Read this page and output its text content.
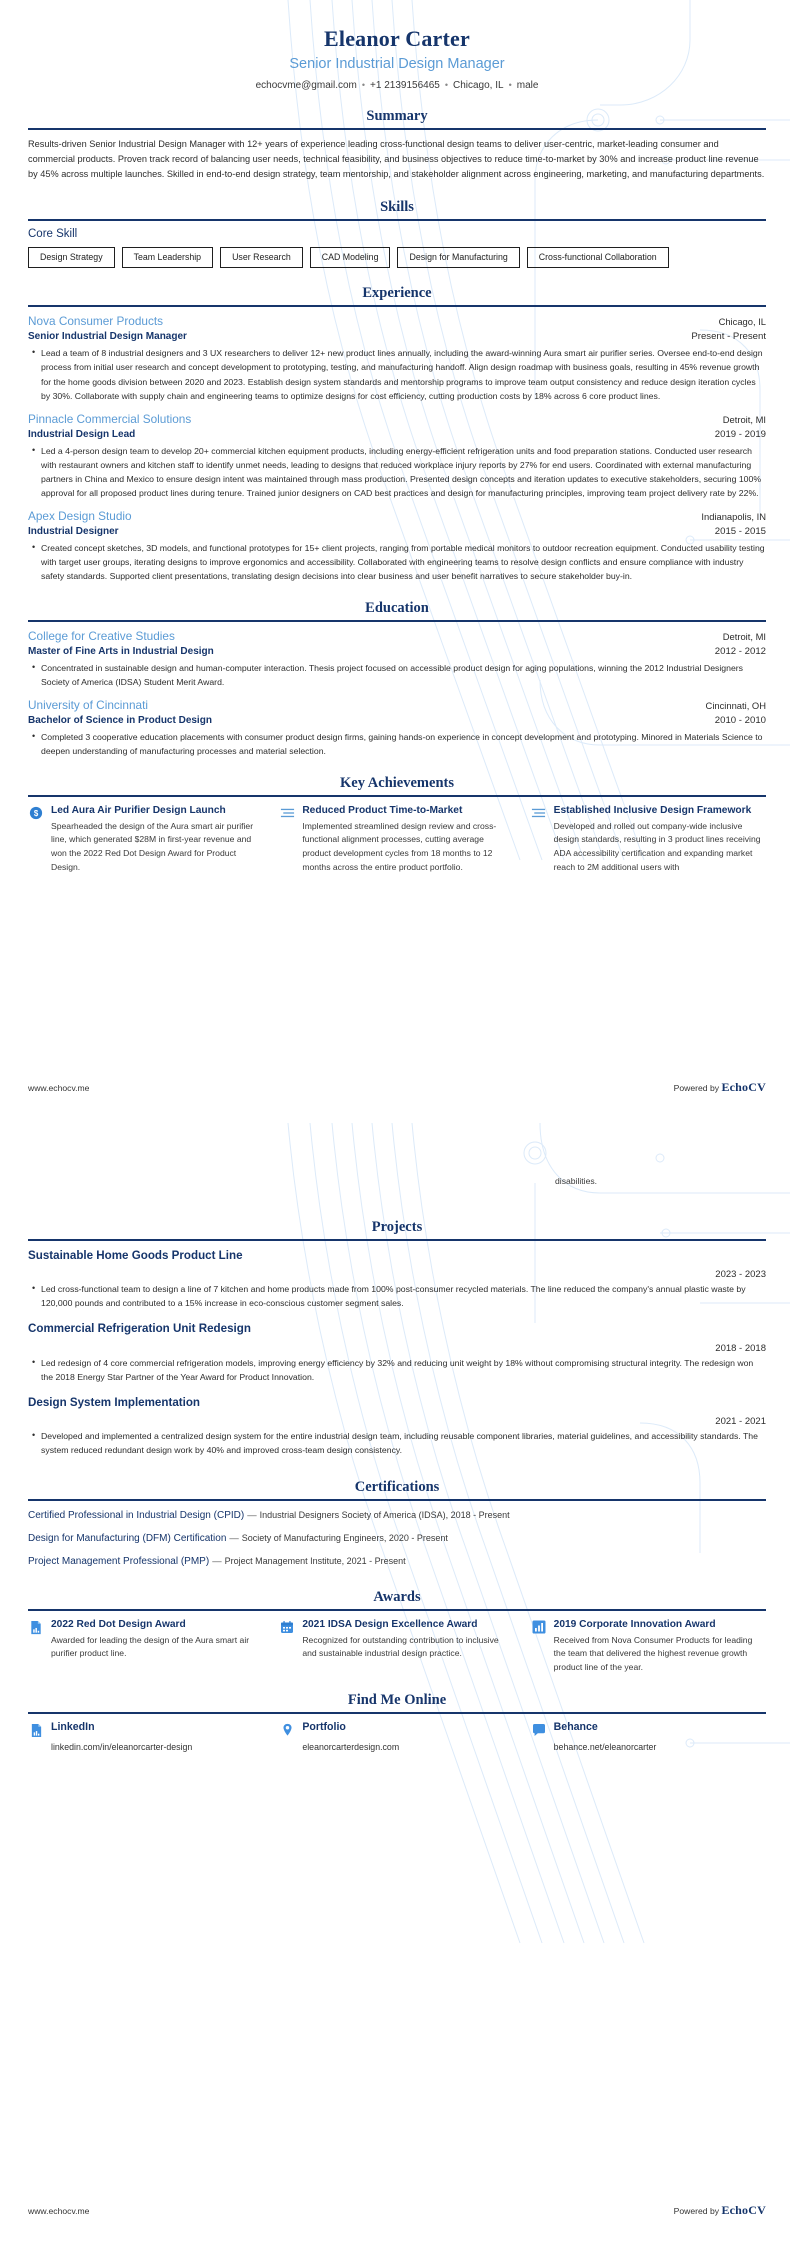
Eleanor Carter
Senior Industrial Design Manager
echocvme@gmail.com • +1 2139156465 • Chicago, IL • male
Summary
Results-driven Senior Industrial Design Manager with 12+ years of experience leading cross-functional design teams to deliver user-centric, market-leading consumer and commercial products. Proven track record of balancing user needs, technical feasibility, and business objectives to reduce time-to-market by 30% and increase product line revenue by 45% across multiple launches. Skilled in end-to-end design strategy, team mentorship, and stakeholder alignment across engineering, marketing, and manufacturing departments.
Skills
Core Skill
Design Strategy	Team Leadership	User Research	CAD Modeling	Design for Manufacturing	Cross-functional Collaboration
Experience
Nova Consumer Products	Chicago, IL
Senior Industrial Design Manager	Present - Present
• Lead a team of 8 industrial designers and 3 UX researchers to deliver 12+ new product lines annually, including the award-winning Aura smart air purifier series. Oversee end-to-end design process from initial user research and concept development to prototyping, testing, and manufacturing handoff. Align design roadmap with business goals, resulting in 45% revenue growth for the home goods division between 2020 and 2023. Establish design system standards and mentorship programs to improve team output consistency and reduce design iteration cycles by 30%. Collaborate with supply chain and engineering teams to optimize designs for cost efficiency, cutting production costs by 18% across 6 core product lines.
Pinnacle Commercial Solutions	Detroit, MI
Industrial Design Lead	2019 - 2019
• Led a 4-person design team to develop 20+ commercial kitchen equipment products, including energy-efficient refrigeration units and food preparation stations. Conducted user research with restaurant owners and kitchen staff to identify unmet needs, leading to designs that reduced workplace injury reports by 27% for end users. Coordinated with external manufacturing partners in China and Mexico to ensure design intent was maintained through mass production. Presented design concepts and iteration updates to executive stakeholders, securing 100% approval for all proposed product lines during tenure. Trained junior designers on CAD best practices and design for manufacturing principles, improving team project delivery rate by 22%.
Apex Design Studio	Indianapolis, IN
Industrial Designer	2015 - 2015
• Created concept sketches, 3D models, and functional prototypes for 15+ client projects, ranging from portable medical monitors to outdoor recreation equipment. Conducted usability testing with target user groups, iterating designs to improve ergonomics and accessibility. Collaborated with engineering teams to resolve design conflicts and ensure compliance with industry safety standards. Supported client presentations, translating design decisions into clear business and user benefit narratives to secure stakeholder buy-in.
Education
College for Creative Studies	Detroit, MI
Master of Fine Arts in Industrial Design	2012 - 2012
• Concentrated in sustainable design and human-computer interaction. Thesis project focused on accessible product design for aging populations, winning the 2012 Industrial Designers Society of America (IDSA) Student Merit Award.
University of Cincinnati	Cincinnati, OH
Bachelor of Science in Product Design	2010 - 2010
• Completed 3 cooperative education placements with consumer product design firms, gaining hands-on experience in concept development and prototyping. Minored in Materials Science to deepen understanding of manufacturing processes and material selection.
Key Achievements
$ Led Aura Air Purifier Design Launch
Spearheaded the design of the Aura smart air purifier line, which generated $28M in first-year revenue and won the 2022 Red Dot Design Award for Product Design.
Reduced Product Time-to-Market
Implemented streamlined design review and cross-functional alignment processes, cutting average product development cycles from 18 months to 12 months across the entire product portfolio.
Established Inclusive Design Framework
Developed and rolled out company-wide inclusive design standards, resulting in 3 product lines receiving ADA accessibility certification and expanding market reach to 2M additional users with
www.echocv.me	Powered by EchoCV
disabilities.
Projects
Sustainable Home Goods Product Line
2023 - 2023
• Led cross-functional team to design a line of 7 kitchen and home products made from 100% post-consumer recycled materials. The line reduced the company's annual plastic waste by 120,000 pounds and contributed to a 15% increase in eco-conscious customer segment sales.
Commercial Refrigeration Unit Redesign
2018 - 2018
• Led redesign of 4 core commercial refrigeration models, improving energy efficiency by 32% and reducing unit weight by 18% without compromising structural integrity. The redesign won the 2018 Energy Star Partner of the Year Award for Product Innovation.
Design System Implementation
2021 - 2021
• Developed and implemented a centralized design system for the entire industrial design team, including reusable component libraries, material guidelines, and accessibility standards. The system reduced redundant design work by 40% and improved cross-team design consistency.
Certifications
Certified Professional in Industrial Design (CPID) — Industrial Designers Society of America (IDSA), 2018 - Present
Design for Manufacturing (DFM) Certification — Society of Manufacturing Engineers, 2020 - Present
Project Management Professional (PMP) — Project Management Institute, 2021 - Present
Awards
2022 Red Dot Design Award
Awarded for leading the design of the Aura smart air purifier product line.
2021 IDSA Design Excellence Award
Recognized for outstanding contribution to inclusive and sustainable industrial design practice.
2019 Corporate Innovation Award
Received from Nova Consumer Products for leading the team that delivered the highest revenue growth product line of the year.
Find Me Online
LinkedIn
linkedin.com/in/eleanorcarter-design
Portfolio
eleanorcarterdesign.com
Behance
behance.net/eleanorcarter
www.echocv.me	Powered by EchoCV
